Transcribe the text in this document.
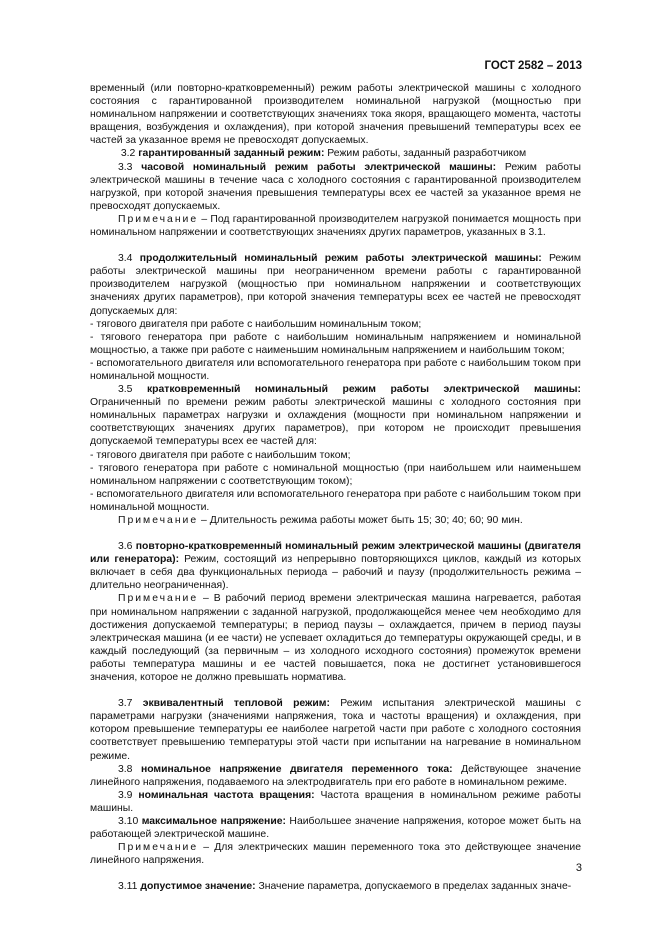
ГОСТ 2582 – 2013

временный (или повторно-кратковременный) режим работы электрической машины с холодного состояния с гарантированной производителем номинальной нагрузкой (мощностью при номинальном напряжении и соответствующих значениях тока якоря, вращающего момента, частоты вращения, возбуждения и охлаждения), при которой значения превышений температуры всех ее частей за указанное время не превосходят допускаемых.

3.2 гарантированный заданный режим: Режим работы, заданный разработчиком

3.3 часовой номинальный режим работы электрической машины: Режим работы электрической машины в течение часа с холодного состояния с гарантированной производителем нагрузкой, при которой значения превышения температуры всех ее частей за указанное время не превосходят допускаемых.

Примечание – Под гарантированной производителем нагрузкой понимается мощность при номинальном напряжении и соответствующих значениях других параметров, указанных в 3.1.

3.4 продолжительный номинальный режим работы электрической машины: Режим работы электрической машины при неограниченном времени работы с гарантированной производителем нагрузкой (мощностью при номинальном напряжении и соответствующих значениях других параметров), при которой значения температуры всех ее частей не превосходят допускаемых для:

- тягового двигателя при работе с наибольшим номинальным током;

- тягового генератора при работе с наибольшим номинальным напряжением и номинальной мощностью, а также при работе с наименьшим номинальным напряжением и наибольшим током;

- вспомогательного двигателя или вспомогательного генератора при работе с наибольшим током при номинальной мощности.

3.5 кратковременный номинальный режим работы электрической машины: Ограниченный по времени режим работы электрической машины с холодного состояния при номинальных параметрах нагрузки и охлаждения (мощности при номинальном напряжении и соответствующих значениях других параметров), при котором не происходит превышения допускаемой температуры всех ее частей для:

- тягового двигателя при работе с наибольшим током;

- тягового генератора при работе с номинальной мощностью (при наибольшем или наименьшем номинальном напряжении с соответствующим током);

- вспомогательного двигателя или вспомогательного генератора при работе с наибольшим током при номинальной мощности.

Примечание – Длительность режима работы может быть 15; 30; 40; 60; 90 мин.

3.6 повторно-кратковременный номинальный режим электрической машины (двигателя или генератора): Режим, состоящий из непрерывно повторяющихся циклов, каждый из которых включает в себя два функциональных периода – рабочий и паузу (продолжительность режима – длительно неограниченная).

Примечание – В рабочий период времени электрическая машина нагревается, работая при номинальном напряжении с заданной нагрузкой, продолжающейся менее чем необходимо для достижения допускаемой температуры; в период паузы – охлаждается, причем в период паузы электрическая машина (и ее части) не успевает охладиться до температуры окружающей среды, и в каждый последующий (за первичным – из холодного исходного состояния) промежуток времени работы температура машины и ее частей повышается, пока не достигнет установившегося значения, которое не должно превышать норматива.

3.7 эквивалентный тепловой режим: Режим испытания электрической машины с параметрами нагрузки (значениями напряжения, тока и частоты вращения) и охлаждения, при котором превышение температуры ее наиболее нагретой части при работе с холодного состояния соответствует превышению температуры этой части при испытании на нагревание в номинальном режиме.

3.8 номинальное напряжение двигателя переменного тока: Действующее значение линейного напряжения, подаваемого на электродвигатель при его работе в номинальном режиме.

3.9 номинальная частота вращения: Частота вращения в номинальном режиме работы машины.

3.10 максимальное напряжение: Наибольшее значение напряжения, которое может быть на работающей электрической машине.

Примечание – Для электрических машин переменного тока это действующее значение линейного напряжения.

3.11 допустимое значение: Значение параметра, допускаемого в пределах заданных значе-

3
